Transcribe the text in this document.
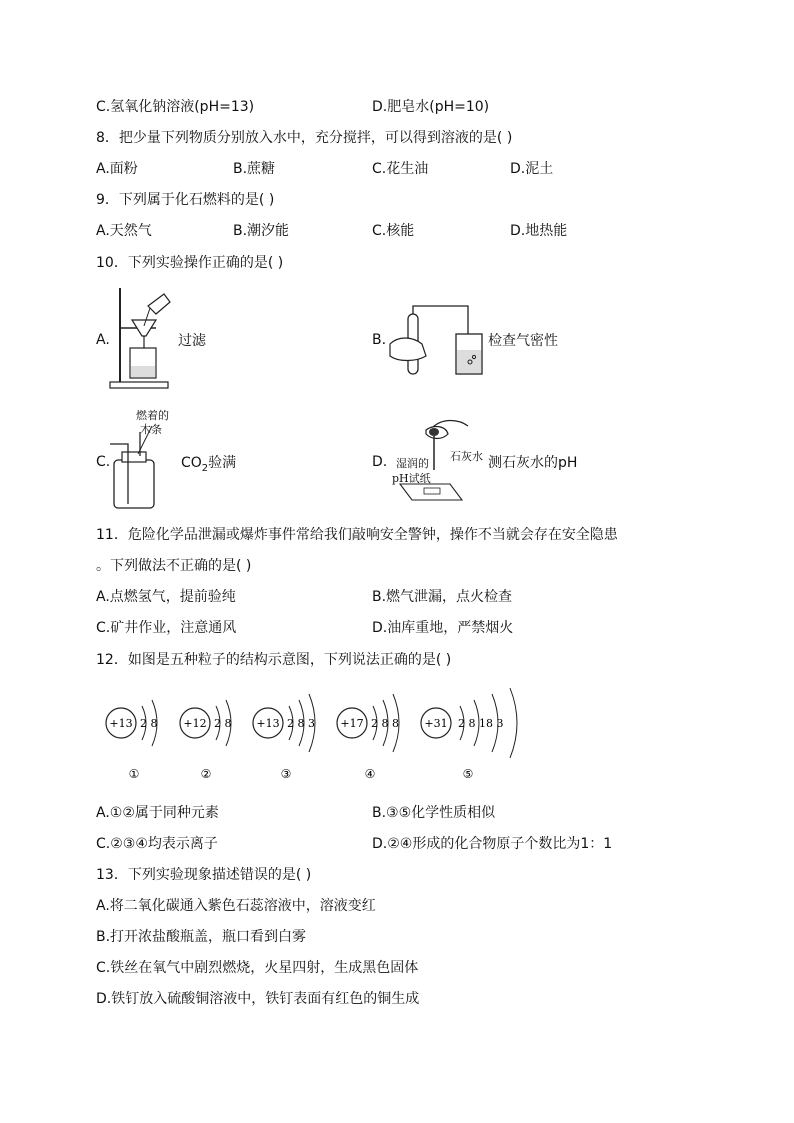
C.氢氧化钠溶液(pH=13)	D.肥皂水(pH=10)
8．把少量下列物质分别放入水中，充分搅拌，可以得到溶液的是( )
A.面粉	B.蔗糖	C.花生油	D.泥土
9．下列属于化石燃料的是( )
A.天然气	B.潮汐能	C.核能	D.地热能
10．下列实验操作正确的是( )
A.	过滤	B.	检查气密性
C.
燃着的
木条
$CO_2$验满	D. 湿润的
pH试纸
石灰水 测石灰水的pH
11．危险化学品泄漏或爆炸事件常给我们敲响安全警钟，操作不当就会存在安全隐患
。下列做法不正确的是( )
A.点燃氢气，提前验纯	B.燃气泄漏，点火检查
C.矿井作业，注意通风	D.油库重地，严禁烟火
12．如图是五种粒子的结构示意图，下列说法正确的是( )
+13 2 8
①
+12 2 8
②
+13 2 8 3
③
+17 2 8 8
④
+31 2 8 18 3
⑤
A.①②属于同种元素	B.③⑤化学性质相似
C.②③④均表示离子	D.②④形成的化合物原子个数比为1：1
13．下列实验现象描述错误的是( )
A.将二氧化碳通入紫色石蕊溶液中，溶液变红
B.打开浓盐酸瓶盖，瓶口看到白雾
C.铁丝在氧气中剧烈燃烧，火星四射，生成黑色固体
D.铁钉放入硫酸铜溶液中，铁钉表面有红色的铜生成
